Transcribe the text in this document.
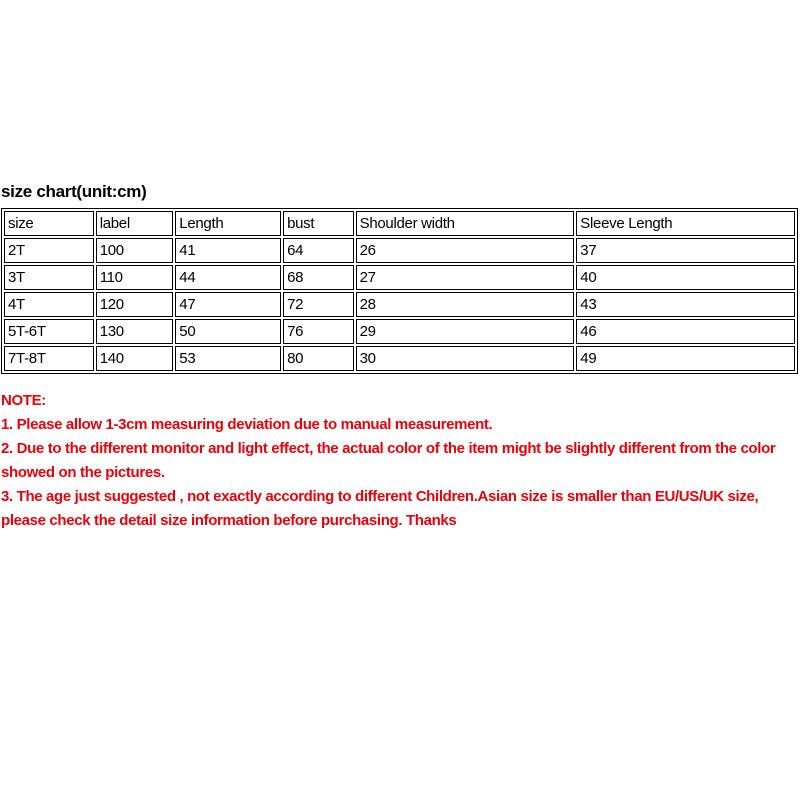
size chart(unit:cm)
size	label	Length	bust	Shoulder width	Sleeve Length
2T	100	41	64	26	37
3T	110	44	68	27	40
4T	120	47	72	28	43
5T-6T	130	50	76	29	46
7T-8T	140	53	80	30	49

NOTE:

1. Please allow 1-3cm measuring deviation due to manual measurement.

2. Due to the different monitor and light effect, the actual color of the item might be slightly different from the color showed on the pictures.

3. The age just suggested , not exactly according to different Children.Asian size is smaller than EU/US/UK size, please check the detail size information before purchasing. Thanks
